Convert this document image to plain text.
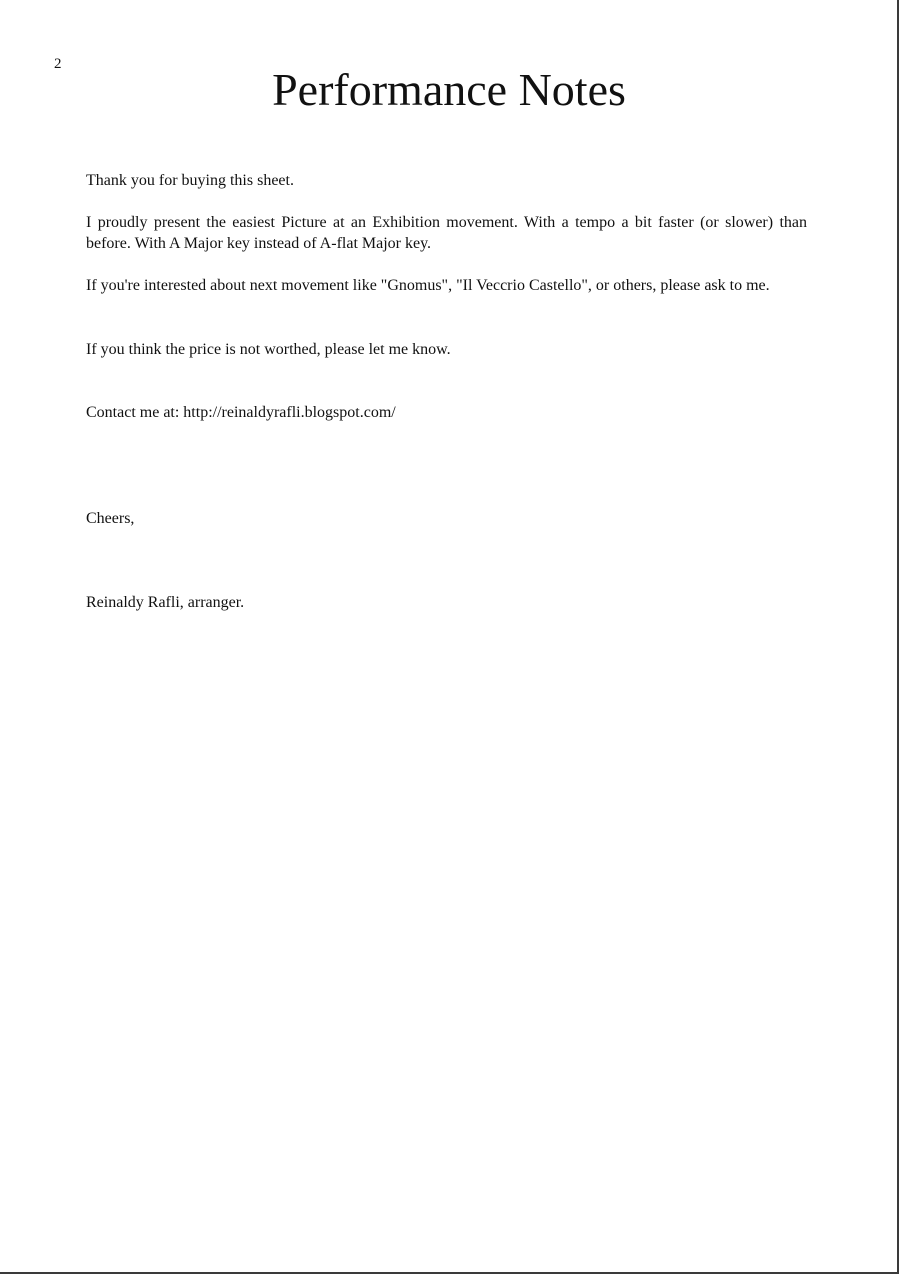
2	Performance Notes

Thank you for buying this sheet.

I proudly present the easiest Picture at an Exhibition movement. With a tempo a bit faster (or slower) than before. With A Major key instead of A-flat Major key.

If you're interested about next movement like "Gnomus", "Il Veccrio Castello", or others, please ask to me.

If you think the price is not worthed, please let me know.

Contact me at: http://reinaldyrafli.blogspot.com/

Cheers,

Reinaldy Rafli, arranger.
